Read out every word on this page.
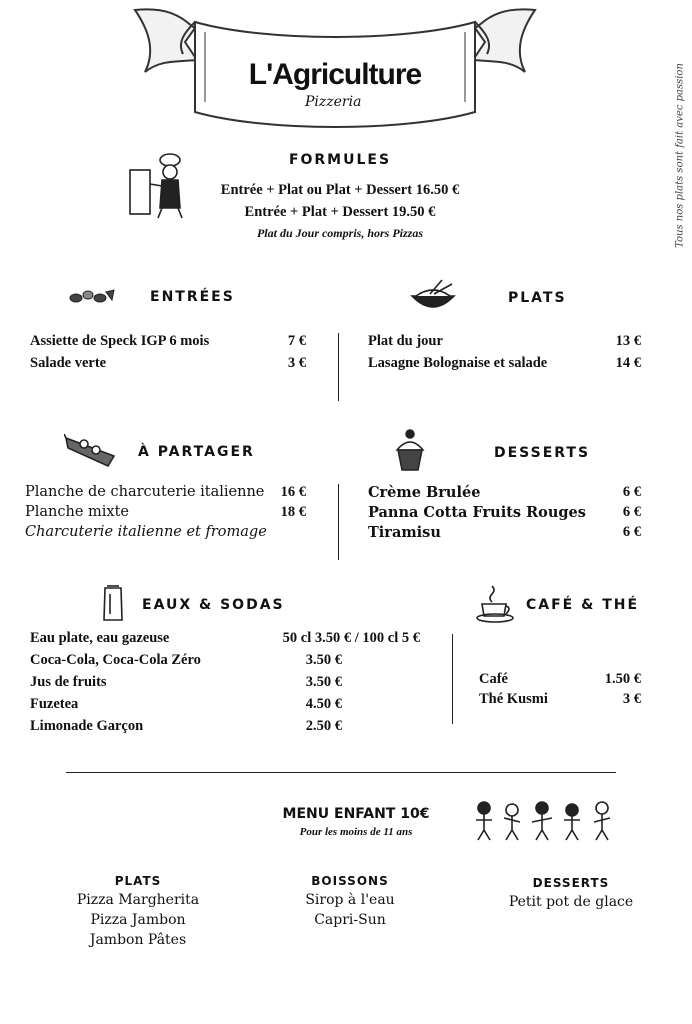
L'Agriculture
Pizzeria	Tous nos plats sont fait avec passion
FORMULES
Entrée + Plat ou Plat + Dessert 16.50 €
Entrée + Plat + Dessert 19.50 €
Plat du Jour compris, hors Pizzas
ENTRÉES
Assiette de Speck IGP 6 mois	7 €
Salade verte	3 €
PLATS
Plat du jour	13 €
Lasagne Bolognaise et salade	14 €
À PARTAGER
Planche de charcuterie italienne	16 €
Planche mixte	18 €
Charcuterie italienne et fromage
DESSERTS
Crème Brulée	6 €
Panna Cotta Fruits Rouges	6 €
Tiramisu	6 €
EAUX & SODAS
Eau plate, eau gazeuse	50 cl 3.50 € / 100 cl 5 €
Coca-Cola, Coca-Cola Zéro	3.50 €
Jus de fruits	3.50 €
Fuzetea	4.50 €
Limonade Garçon	2.50 €
CAFÉ & THÉ
Café	1.50 €
Thé Kusmi	3 €
MENU ENFANT 10€
Pour les moins de 11 ans
PLATS
Pizza Margherita
Pizza Jambon
Jambon Pâtes
BOISSONS
Sirop à l'eau
Capri-Sun
DESSERTS
Petit pot de glace
